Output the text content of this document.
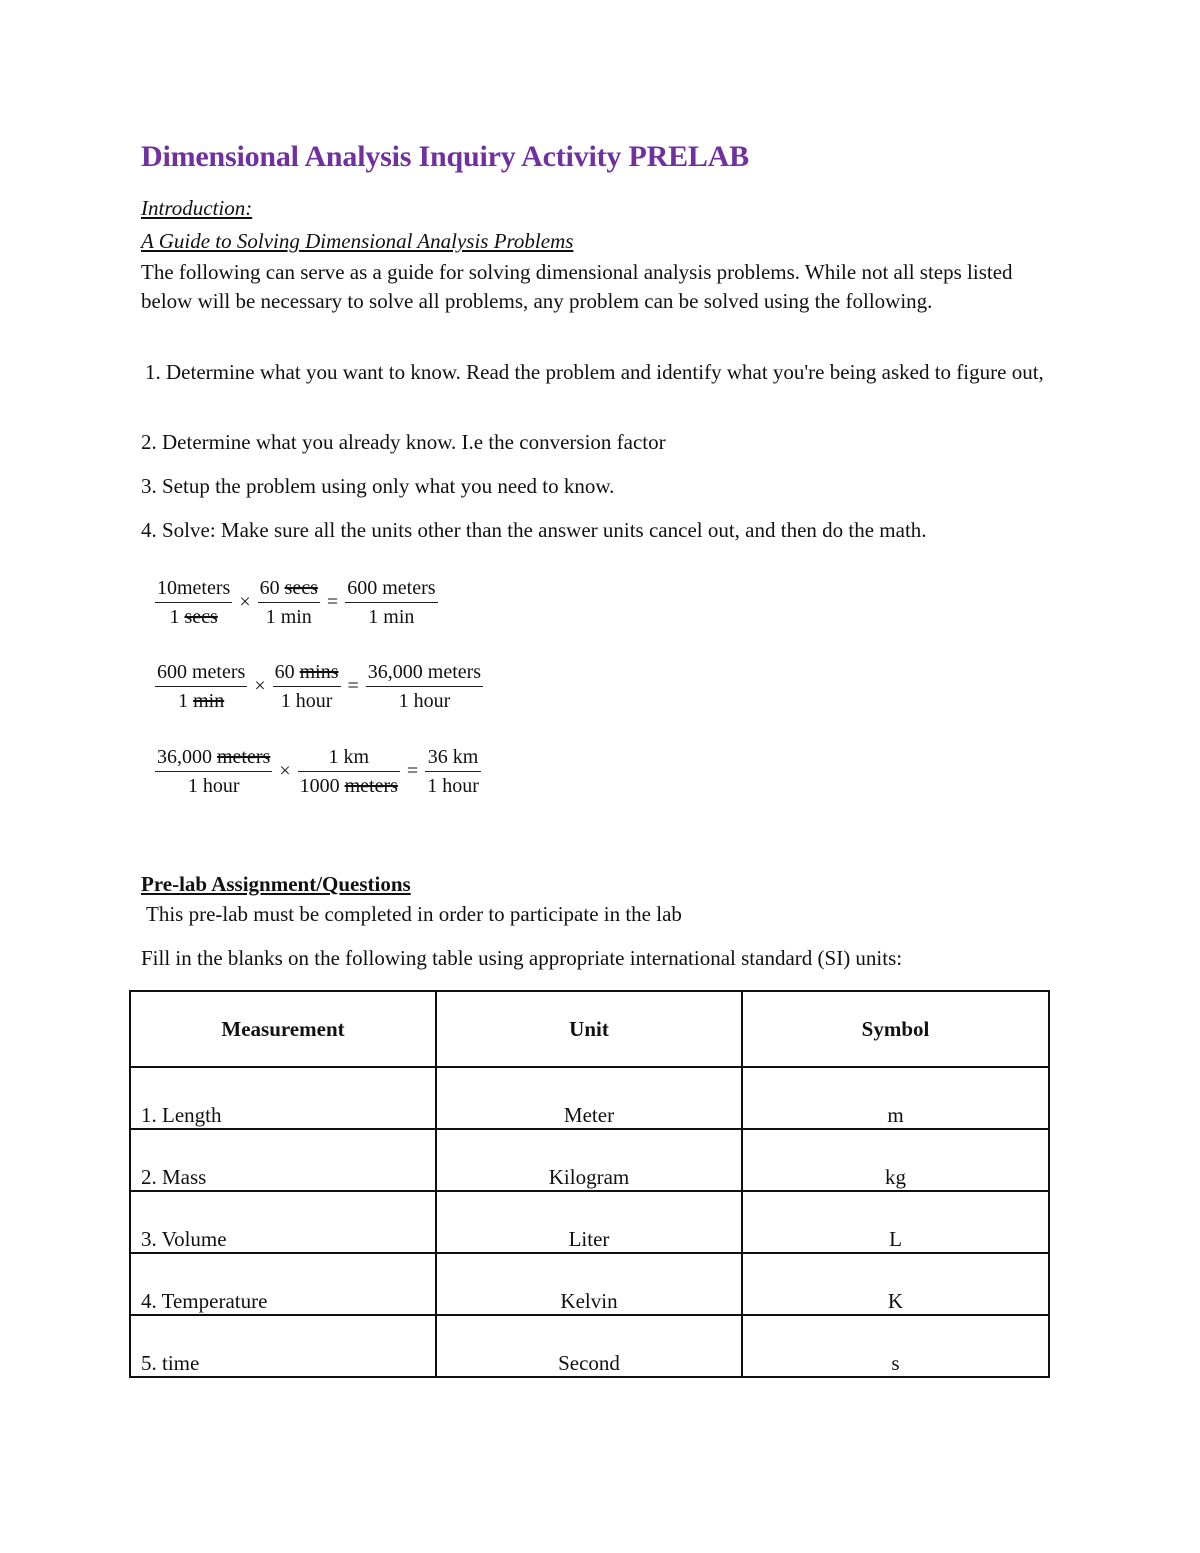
Dimensional Analysis Inquiry Activity PRELAB
Introduction:
A Guide to Solving Dimensional Analysis Problems

The following can serve as a guide for solving dimensional analysis problems. While not all steps listed below will be necessary to solve all problems, any problem can be solved using the following.

1. Determine what you want to know. Read the problem and identify what you're being asked to figure out,

2. Determine what you already know. I.e the conversion factor

3. Setup the problem using only what you need to know.

4. Solve: Make sure all the units other than the answer units cancel out, and then do the math.

$\frac{\text{10meters}}{1 \sec s} \times \frac{60 \sec s}{1 \min} = \frac{\text{600 meters}}{1 \min}$
$\frac{\text{600 meters}}{1 \min} \times \frac{60 \min s}{\text{1 hour}} = \frac{\text{36,000 meters}}{\text{1 hour}}$
$\frac{\text{36,000 meters}}{\text{1 hour}} \times \frac{1 km}{\text{1000 meters}} = \frac{36 km}{\text{1 hour}}$
Pre-lab Assignment/Questions
This pre-lab must be completed in order to participate in the lab
Fill in the blanks on the following table using appropriate international standard (SI) units:
Measurement	Unit	Symbol
1. Length	Meter	m
2. Mass	Kilogram	kg
3. Volume	Liter	L
4. Temperature	Kelvin	K
5. time	Second	s
